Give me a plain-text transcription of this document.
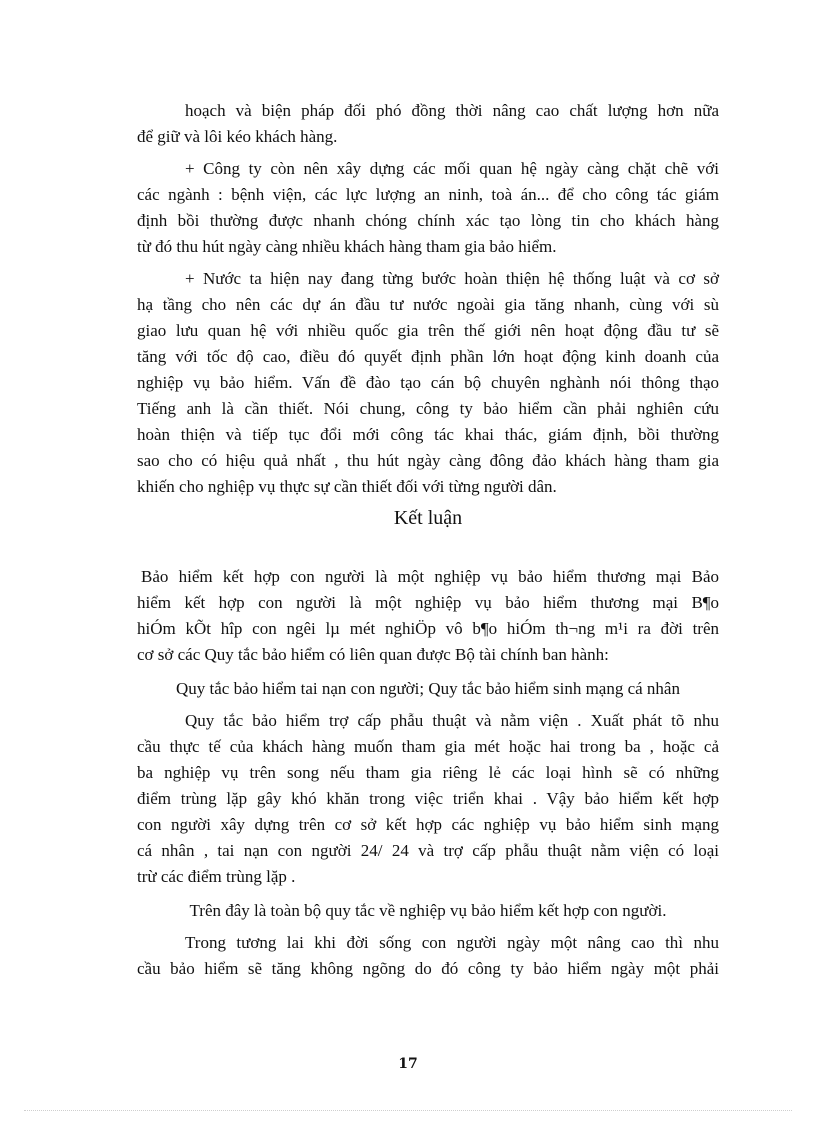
hoạch và biện pháp đối phó đồng thời nâng cao chất lượng hơn nữa
để giữ và lôi kéo khách hàng.
+ Công ty còn nên xây dựng các mối quan hệ ngày càng chặt chẽ với
các ngành : bệnh viện, các lực lượng an ninh, toà án... để cho công tác giám
định bồi thường được nhanh chóng chính xác tạo lòng tin cho khách hàng
từ đó thu hút ngày càng nhiều khách hàng tham gia bảo hiểm.
+ Nước ta hiện nay đang từng bước hoàn thiện hệ thống luật và cơ sở
hạ tầng cho nên các dự án đầu tư nước ngoài gia tăng nhanh, cùng với sù
giao lưu quan hệ với nhiều quốc gia trên thế giới nên hoạt động đầu tư sẽ
tăng với tốc độ cao, điều đó quyết định phần lớn hoạt động kinh doanh của
nghiệp vụ bảo hiểm. Vấn đề đào tạo cán bộ chuyên nghành nói thông thạo
Tiếng anh là cần thiết. Nói chung, công ty bảo hiểm cần phải nghiên cứu
hoàn thiện và tiếp tục đổi mới công tác khai thác, giám định, bồi thường
sao cho có hiệu quả nhất , thu hút ngày càng đông đảo khách hàng tham gia
khiến cho nghiệp vụ thực sự cần thiết đối với từng người dân.
Kết luận
Bảo hiểm kết hợp con người là một nghiệp vụ bảo hiểm thương mại Bảo
hiểm kết hợp con người là một nghiệp vụ bảo hiểm thương mại B¶o
hiÓm kÕt hîp con ngêi lµ mét nghiÖp vô b¶o hiÓm th¬ng m¹i ra đời trên
cơ sở các Quy tắc bảo hiểm có liên quan được Bộ tài chính ban hành:
Quy tắc bảo hiểm tai nạn con người; Quy tắc bảo hiểm sinh mạng cá nhân
Quy tắc bảo hiểm trợ cấp phẫu thuật và nằm viện . Xuất phát tõ nhu
cầu thực tế của khách hàng muốn tham gia mét hoặc hai trong ba , hoặc cả
ba nghiệp vụ trên song nếu tham gia riêng lẻ các loại hình sẽ có những
điểm trùng lặp gây khó khăn trong việc triển khai . Vậy bảo hiểm kết hợp
con người xây dựng trên cơ sở kết hợp các nghiệp vụ bảo hiểm sinh mạng
cá nhân , tai nạn con người 24/ 24 và trợ cấp phẫu thuật nằm viện có loại
trừ các điểm trùng lặp .
Trên đây là toàn bộ quy tắc về nghiệp vụ bảo hiểm kết hợp con người.
Trong tương lai khi đời sống con người ngày một nâng cao thì nhu
cầu bảo hiểm sẽ tăng không ngõng do đó công ty bảo hiểm ngày một phải
17
